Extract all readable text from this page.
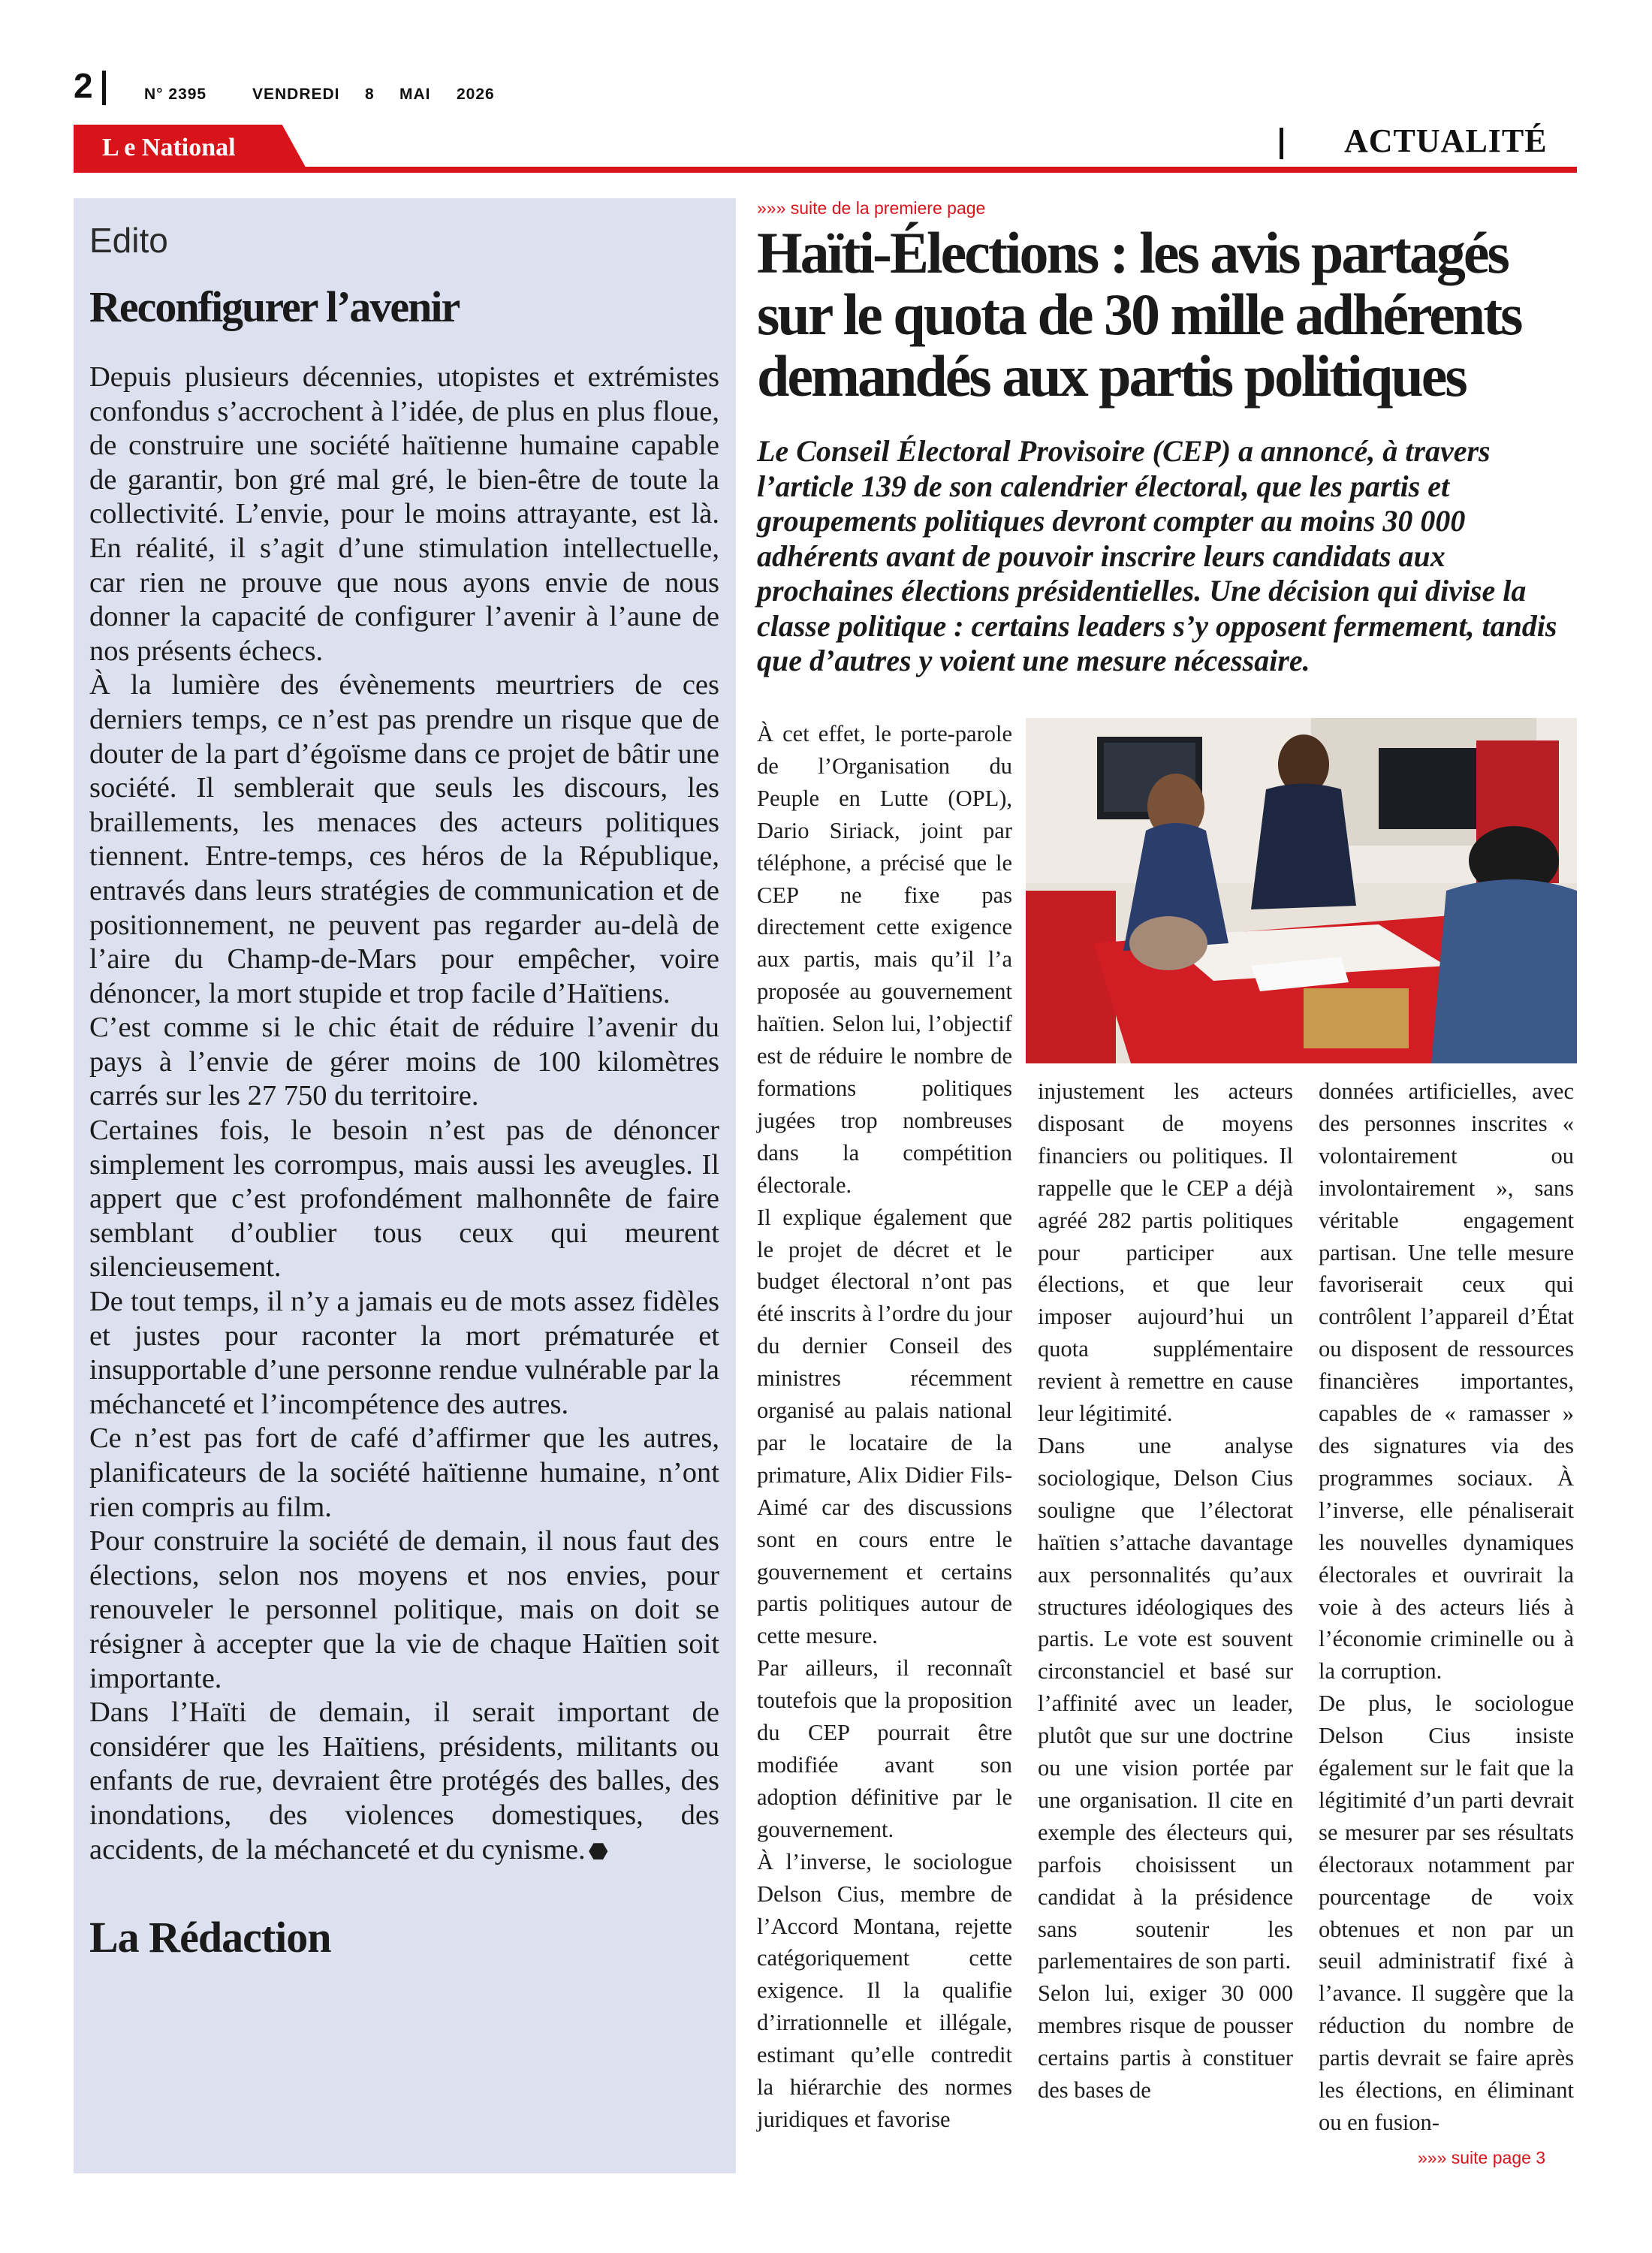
2	N° 2395	VENDREDI 8 MAI 2026
L e National	ACTUALITÉ
Edito
Reconfigurer l’avenir

Depuis plusieurs décennies, utopistes et extrémistes confondus s’accrochent à l’idée, de plus en plus floue, de construire une société haïtienne humaine capable de garantir, bon gré mal gré, le bien-être de toute la collectivité. L’envie, pour le moins attrayante, est là. En réalité, il s’agit d’une stimulation intellectuelle, car rien ne prouve que nous ayons envie de nous donner la capacité de configurer l’avenir à l’aune de nos présents échecs.

À la lumière des évènements meurtriers de ces derniers temps, ce n’est pas prendre un risque que de douter de la part d’égoïsme dans ce projet de bâtir une société. Il semblerait que seuls les discours, les braillements, les menaces des acteurs politiques tiennent. Entre-temps, ces héros de la République, entravés dans leurs stratégies de communication et de positionnement, ne peuvent pas regarder au-delà de l’aire du Champ-de-Mars pour empêcher, voire dénoncer, la mort stupide et trop facile d’Haïtiens.

C’est comme si le chic était de réduire l’avenir du pays à l’envie de gérer moins de 100 kilomètres carrés sur les 27 750 du territoire.

Certaines fois, le besoin n’est pas de dénoncer simplement les corrompus, mais aussi les aveugles. Il appert que c’est profondément malhonnête de faire semblant d’oublier tous ceux qui meurent silencieusement.

De tout temps, il n’y a jamais eu de mots assez fidèles et justes pour raconter la mort prématurée et insupportable d’une personne rendue vulnérable par la méchanceté et l’incompétence des autres.

Ce n’est pas fort de café d’affirmer que les autres, planificateurs de la société haïtienne humaine, n’ont rien compris au film.

Pour construire la société de demain, il nous faut des élections, selon nos moyens et nos envies, pour renouveler le personnel politique, mais on doit se résigner à accepter que la vie de chaque Haïtien soit importante.

Dans l’Haïti de demain, il serait important de considérer que les Haïtiens, présidents, militants ou enfants de rue, devraient être protégés des balles, des inondations, des violences domestiques, des accidents, de la méchanceté et du cynisme. ⬣

La Rédaction
»»» suite de la premiere page
Haïti-Élections : les avis partagés sur le quota de 30 mille adhérents demandés aux partis politiques

Le Conseil Électoral Provisoire (CEP) a annoncé, à travers l’article 139 de son calendrier électoral, que les partis et groupements politiques devront compter au moins 30 000 adhérents avant de pouvoir inscrire leurs candidats aux prochaines élections présidentielles. Une décision qui divise la classe politique : certains leaders s’y opposent fermement, tandis que d’autres y voient une mesure nécessaire.

À cet effet, le porte-parole de l’Organisation du Peuple en Lutte (OPL), Dario Siriack, joint par téléphone, a précisé que le CEP ne fixe pas directement cette exigence aux partis, mais qu’il l’a proposée au gouvernement haïtien. Selon lui, l’objectif est de réduire le nombre de formations politiques jugées trop nombreuses dans la compétition électorale.

Il explique également que le projet de décret et le budget électoral n’ont pas été inscrits à l’ordre du jour du dernier Conseil des ministres récemment organisé au palais national par le locataire de la primature, Alix Didier Fils-Aimé car des discussions sont en cours entre le gouvernement et certains partis politiques autour de cette mesure.

Par ailleurs, il reconnaît toutefois que la proposition du CEP pourrait être modifiée avant son adoption définitive par le gouvernement.

À l’inverse, le sociologue Delson Cius, membre de l’Accord Montana, rejette catégoriquement cette exigence. Il la qualifie d’irrationnelle et illégale, estimant qu’elle contredit la hiérarchie des normes juridiques et favorise

injustement les acteurs disposant de moyens financiers ou politiques. Il rappelle que le CEP a déjà agréé 282 partis politiques pour participer aux élections, et que leur imposer aujourd’hui un quota supplémentaire revient à remettre en cause leur légitimité.

Dans une analyse sociologique, Delson Cius souligne que l’électorat haïtien s’attache davantage aux personnalités qu’aux structures idéologiques des partis. Le vote est souvent circonstanciel et basé sur l’affinité avec un leader, plutôt que sur une doctrine ou une vision portée par une organisation. Il cite en exemple des électeurs qui, parfois choisissent un candidat à la présidence sans soutenir les parlementaires de son parti.

Selon lui, exiger 30 000 membres risque de pousser certains partis à constituer des bases de

données artificielles, avec des personnes inscrites « volontairement ou involontairement », sans véritable engagement partisan. Une telle mesure favoriserait ceux qui contrôlent l’appareil d’État ou disposent de ressources financières importantes, capables de « ramasser » des signatures via des programmes sociaux. À l’inverse, elle pénaliserait les nouvelles dynamiques électorales et ouvrirait la voie à des acteurs liés à l’économie criminelle ou à la corruption.

De plus, le sociologue Delson Cius insiste également sur le fait que la légitimité d’un parti devrait se mesurer par ses résultats électoraux notamment par pourcentage de voix obtenues et non par un seuil administratif fixé à l’avance. Il suggère que la réduction du nombre de partis devrait se faire après les élections, en éliminant ou en fusion-

»»» suite page 3
